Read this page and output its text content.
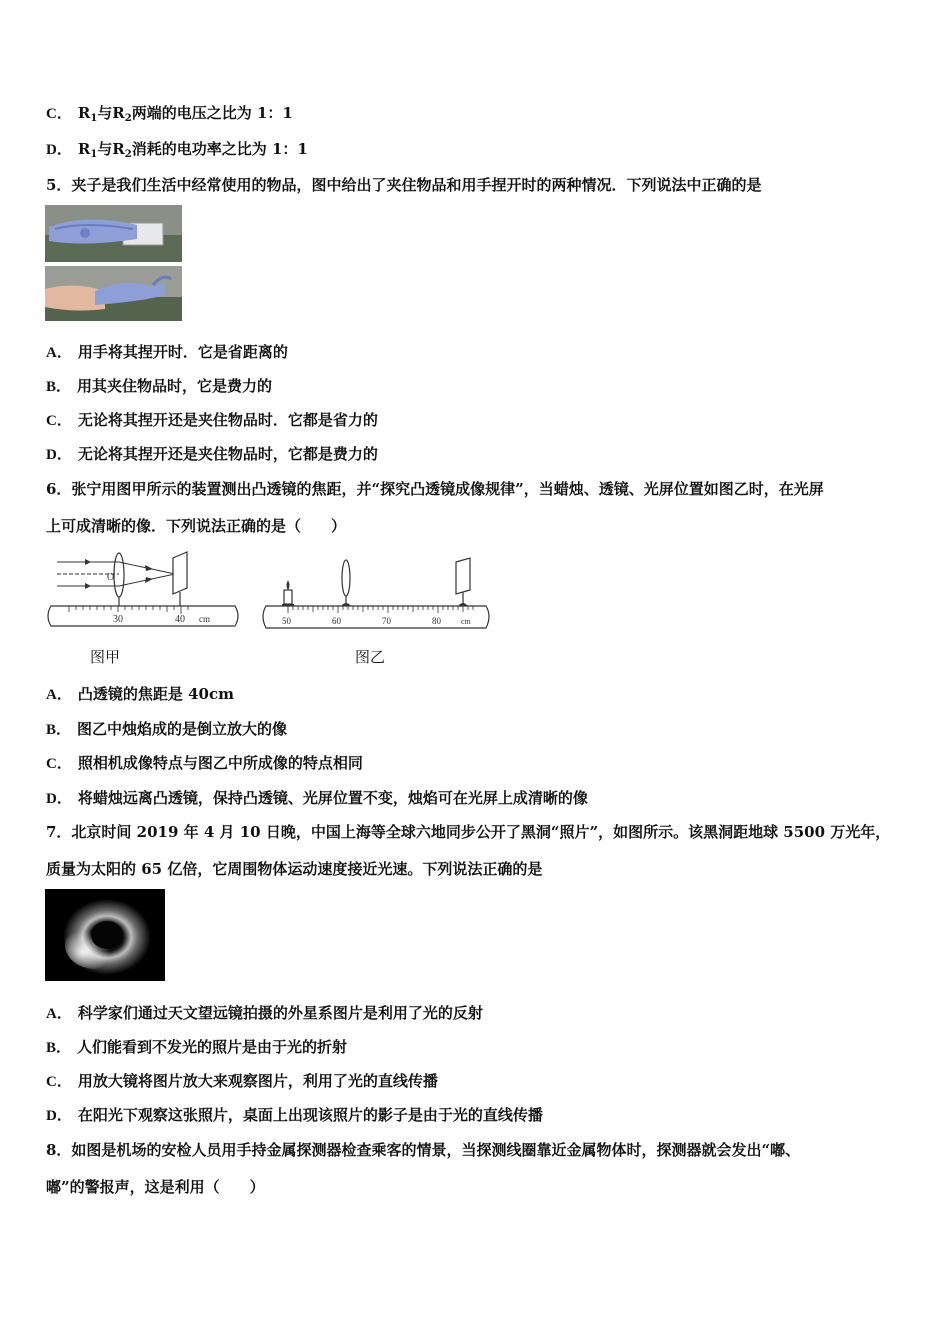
C． $R_1$与$R_2$两端的电压之比为 1：1
D． $R_1$与$R_2$消耗的电功率之比为 1：1
5．夹子是我们生活中经常使用的物品，图中给出了夹住物品和用手捏开时的两种情况．下列说法中正确的是
A． 用手将其捏开时．它是省距离的
B． 用其夹住物品时，它是费力的
C． 无论将其捏开还是夹住物品时．它都是省力的
D． 无论将其捏开还是夹住物品时，它都是费力的
6．张宁用图甲所示的装置测出凸透镜的焦距，并“探究凸透镜成像规律”，当蜡烛、透镜、光屏位置如图乙时，在光屏
上可成清晰的像．下列说法正确的是（　　）
O
30	40 cm
图甲
50	60	70	80	cm
图乙
A． 凸透镜的焦距是 40cm
B． 图乙中烛焰成的是倒立放大的像
C． 照相机成像特点与图乙中所成像的特点相同
D． 将蜡烛远离凸透镜，保持凸透镜、光屏位置不变，烛焰可在光屏上成清晰的像
7．北京时间 2019 年 4 月 10 日晚，中国上海等全球六地同步公开了黑洞“照片”，如图所示。该黑洞距地球 5500 万光年，
质量为太阳的 65 亿倍，它周围物体运动速度接近光速。下列说法正确的是
A． 科学家们通过天文望远镜拍摄的外星系图片是利用了光的反射
B． 人们能看到不发光的照片是由于光的折射
C． 用放大镜将图片放大来观察图片，利用了光的直线传播
D． 在阳光下观察这张照片，桌面上出现该照片的影子是由于光的直线传播
8．如图是机场的安检人员用手持金属探测器检查乘客的情景，当探测线圈靠近金属物体时，探测器就会发出“嘟、
嘟”的警报声，这是利用（　　）
